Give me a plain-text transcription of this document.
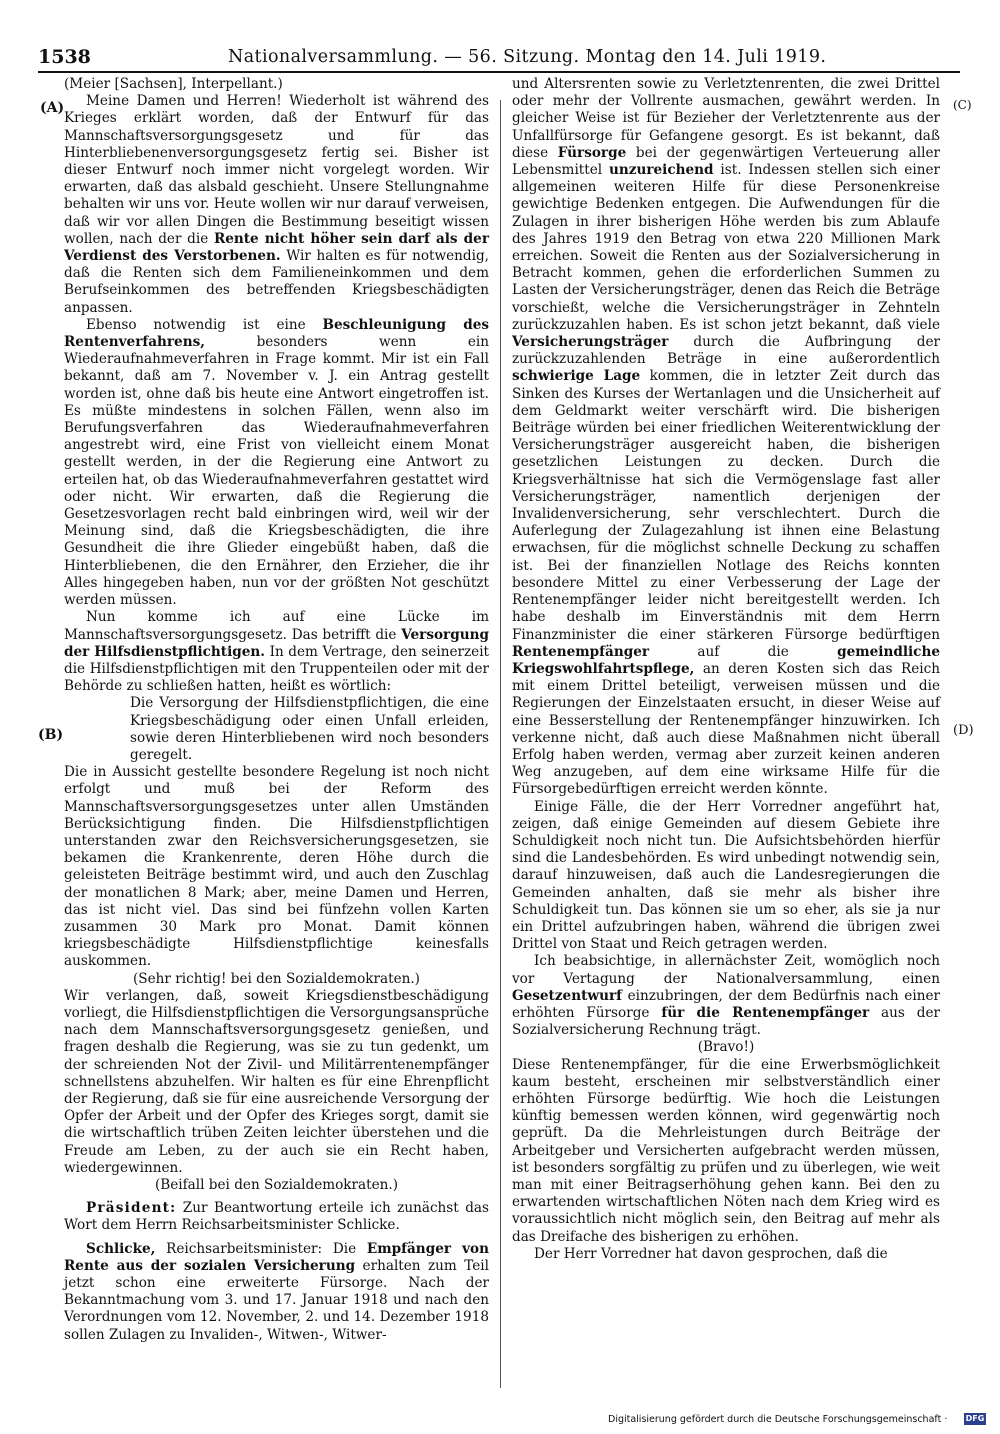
1538	Nationalversammlung. — 56. Sitzung. Montag den 14. Juli 1919.
(A)
(B)
(C)
(D)

(Meier [Sachsen], Interpellant.)

Meine Damen und Herren! Wiederholt ist während des Krieges erklärt worden, daß der Entwurf für das Mannschaftsversorgungsgesetz und für das Hinterbliebenenversorgungsgesetz fertig sei. Bisher ist dieser Entwurf noch immer nicht vorgelegt worden. Wir erwarten, daß das alsbald geschieht. Unsere Stellungnahme behalten wir uns vor. Heute wollen wir nur darauf verweisen, daß wir vor allen Dingen die Bestimmung beseitigt wissen wollen, nach der die Rente nicht höher sein darf als der Verdienst des Verstorbenen. Wir halten es für notwendig, daß die Renten sich dem Familieneinkommen und dem Berufseinkommen des betreffenden Kriegsbeschädigten anpassen.

Ebenso notwendig ist eine Beschleunigung des Rentenverfahrens, besonders wenn ein Wiederaufnahmeverfahren in Frage kommt. Mir ist ein Fall bekannt, daß am 7. November v. J. ein Antrag gestellt worden ist, ohne daß bis heute eine Antwort eingetroffen ist. Es müßte mindestens in solchen Fällen, wenn also im Berufungsverfahren das Wiederaufnahmeverfahren angestrebt wird, eine Frist von vielleicht einem Monat gestellt werden, in der die Regierung eine Antwort zu erteilen hat, ob das Wiederaufnahmeverfahren gestattet wird oder nicht. Wir erwarten, daß die Regierung die Gesetzesvorlagen recht bald einbringen wird, weil wir der Meinung sind, daß die Kriegsbeschädigten, die ihre Gesundheit die ihre Glieder eingebüßt haben, daß die Hinterbliebenen, die den Ernährer, den Erzieher, die ihr Alles hingegeben haben, nun vor der größten Not geschützt werden müssen.

Nun komme ich auf eine Lücke im Mannschaftsversorgungsgesetz. Das betrifft die Versorgung der Hilfsdienstpflichtigen. In dem Vertrage, den seinerzeit die Hilfsdienstpflichtigen mit den Truppenteilen oder mit der Behörde zu schließen hatten, heißt es wörtlich:

Die Versorgung der Hilfsdienstpflichtigen, die eine Kriegsbeschädigung oder einen Unfall erleiden, sowie deren Hinterbliebenen wird noch besonders geregelt.

Die in Aussicht gestellte besondere Regelung ist noch nicht erfolgt und muß bei der Reform des Mannschaftsversorgungsgesetzes unter allen Umständen Berücksichtigung finden. Die Hilfsdienstpflichtigen unterstanden zwar den Reichsversicherungsgesetzen, sie bekamen die Krankenrente, deren Höhe durch die geleisteten Beiträge bestimmt wird, und auch den Zuschlag der monatlichen 8 Mark; aber, meine Damen und Herren, das ist nicht viel. Das sind bei fünfzehn vollen Karten zusammen 30 Mark pro Monat. Damit können kriegsbeschädigte Hilfsdienstpflichtige keinesfalls auskommen.

(Sehr richtig! bei den Sozialdemokraten.)

Wir verlangen, daß, soweit Kriegsdienstbeschädigung vorliegt, die Hilfsdienstpflichtigen die Versorgungsansprüche nach dem Mannschaftsversorgungsgesetz genießen, und fragen deshalb die Regierung, was sie zu tun gedenkt, um der schreienden Not der Zivil- und Militärrentenempfänger schnellstens abzuhelfen. Wir halten es für eine Ehrenpflicht der Regierung, daß sie für eine ausreichende Versorgung der Opfer der Arbeit und der Opfer des Krieges sorgt, damit sie die wirtschaftlich trüben Zeiten leichter überstehen und die Freude am Leben, zu der auch sie ein Recht haben, wiedergewinnen.

(Beifall bei den Sozialdemokraten.)

Präsident: Zur Beantwortung erteile ich zunächst das Wort dem Herrn Reichsarbeitsminister Schlicke.

Schlicke, Reichsarbeitsminister: Die Empfänger von Rente aus der sozialen Versicherung erhalten zum Teil jetzt schon eine erweiterte Fürsorge. Nach der Bekanntmachung vom 3. und 17. Januar 1918 und nach den Verordnungen vom 12. November, 2. und 14. Dezember 1918 sollen Zulagen zu Invaliden-, Witwen-, Witwer-

und Altersrenten sowie zu Verletztenrenten, die zwei Drittel oder mehr der Vollrente ausmachen, gewährt werden. In gleicher Weise ist für Bezieher der Verletztenrente aus der Unfallfürsorge für Gefangene gesorgt. Es ist bekannt, daß diese Fürsorge bei der gegenwärtigen Verteuerung aller Lebensmittel unzureichend ist. Indessen stellen sich einer allgemeinen weiteren Hilfe für diese Personenkreise gewichtige Bedenken entgegen. Die Aufwendungen für die Zulagen in ihrer bisherigen Höhe werden bis zum Ablaufe des Jahres 1919 den Betrag von etwa 220 Millionen Mark erreichen. Soweit die Renten aus der Sozialversicherung in Betracht kommen, gehen die erforderlichen Summen zu Lasten der Versicherungsträger, denen das Reich die Beträge vorschießt, welche die Versicherungsträger in Zehnteln zurückzuzahlen haben. Es ist schon jetzt bekannt, daß viele Versicherungsträger durch die Aufbringung der zurückzuzahlenden Beträge in eine außerordentlich schwierige Lage kommen, die in letzter Zeit durch das Sinken des Kurses der Wertanlagen und die Unsicherheit auf dem Geldmarkt weiter verschärft wird. Die bisherigen Beiträge würden bei einer friedlichen Weiterentwicklung der Versicherungsträger ausgereicht haben, die bisherigen gesetzlichen Leistungen zu decken. Durch die Kriegsverhältnisse hat sich die Vermögenslage fast aller Versicherungsträger, namentlich derjenigen der Invalidenversicherung, sehr verschlechtert. Durch die Auferlegung der Zulagezahlung ist ihnen eine Belastung erwachsen, für die möglichst schnelle Deckung zu schaffen ist. Bei der finanziellen Notlage des Reichs konnten besondere Mittel zu einer Verbesserung der Lage der Rentenempfänger leider nicht bereitgestellt werden. Ich habe deshalb im Einverständnis mit dem Herrn Finanzminister die einer stärkeren Fürsorge bedürftigen Rentenempfänger auf die gemeindliche Kriegswohlfahrtspflege, an deren Kosten sich das Reich mit einem Drittel beteiligt, verweisen müssen und die Regierungen der Einzelstaaten ersucht, in dieser Weise auf eine Besserstellung der Rentenempfänger hinzuwirken. Ich verkenne nicht, daß auch diese Maßnahmen nicht überall Erfolg haben werden, vermag aber zurzeit keinen anderen Weg anzugeben, auf dem eine wirksame Hilfe für die Fürsorgebedürftigen erreicht werden könnte.

Einige Fälle, die der Herr Vorredner angeführt hat, zeigen, daß einige Gemeinden auf diesem Gebiete ihre Schuldigkeit noch nicht tun. Die Aufsichtsbehörden hierfür sind die Landesbehörden. Es wird unbedingt notwendig sein, darauf hinzuweisen, daß auch die Landesregierungen die Gemeinden anhalten, daß sie mehr als bisher ihre Schuldigkeit tun. Das können sie um so eher, als sie ja nur ein Drittel aufzubringen haben, während die übrigen zwei Drittel von Staat und Reich getragen werden.

Ich beabsichtige, in allernächster Zeit, womöglich noch vor Vertagung der Nationalversammlung, einen Gesetzentwurf einzubringen, der dem Bedürfnis nach einer erhöhten Fürsorge für die Rentenempfänger aus der Sozialversicherung Rechnung trägt.

(Bravo!)

Diese Rentenempfänger, für die eine Erwerbsmöglichkeit kaum besteht, erscheinen mir selbstverständlich einer erhöhten Fürsorge bedürftig. Wie hoch die Leistungen künftig bemessen werden können, wird gegenwärtig noch geprüft. Da die Mehrleistungen durch Beiträge der Arbeitgeber und Versicherten aufgebracht werden müssen, ist besonders sorgfältig zu prüfen und zu überlegen, wie weit man mit einer Beitragserhöhung gehen kann. Bei den zu erwartenden wirtschaftlichen Nöten nach dem Krieg wird es voraussichtlich nicht möglich sein, den Beitrag auf mehr als das Dreifache des bisherigen zu erhöhen.

Der Herr Vorredner hat davon gesprochen, daß die

Digitalisierung gefördert durch die Deutsche Forschungsgemeinschaft · DFG
